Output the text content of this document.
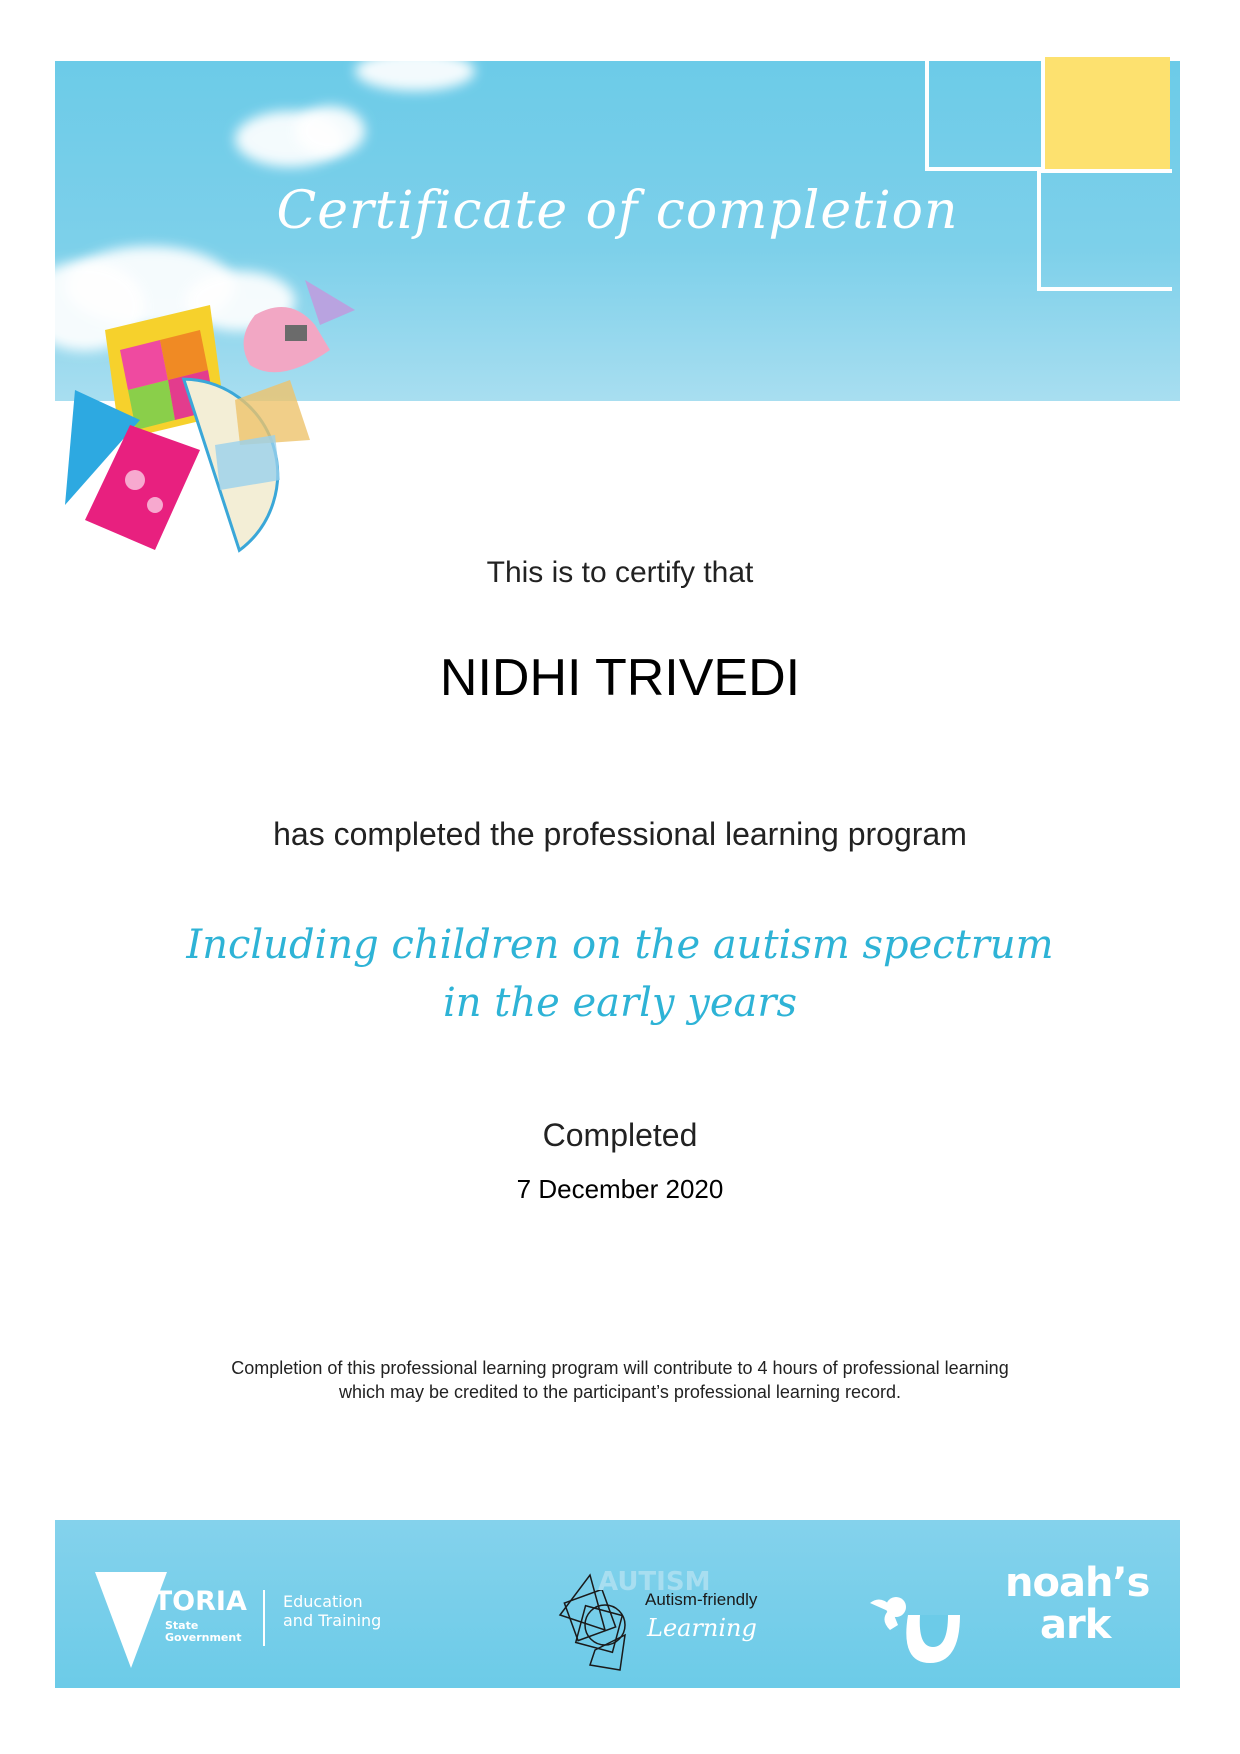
Certificate of completion
This is to certify that
NIDHI TRIVEDI
has completed the professional learning program
Including children on the autism spectrum
in the early years
Completed
7 December 2020
Completion of this professional learning program will contribute to 4 hours of professional learning
which may be credited to the participant’s professional learning record.
VICTORIA
State
Government
Education
and Training
AUTISM
Autism-friendly
Learning
noah’s
ark
